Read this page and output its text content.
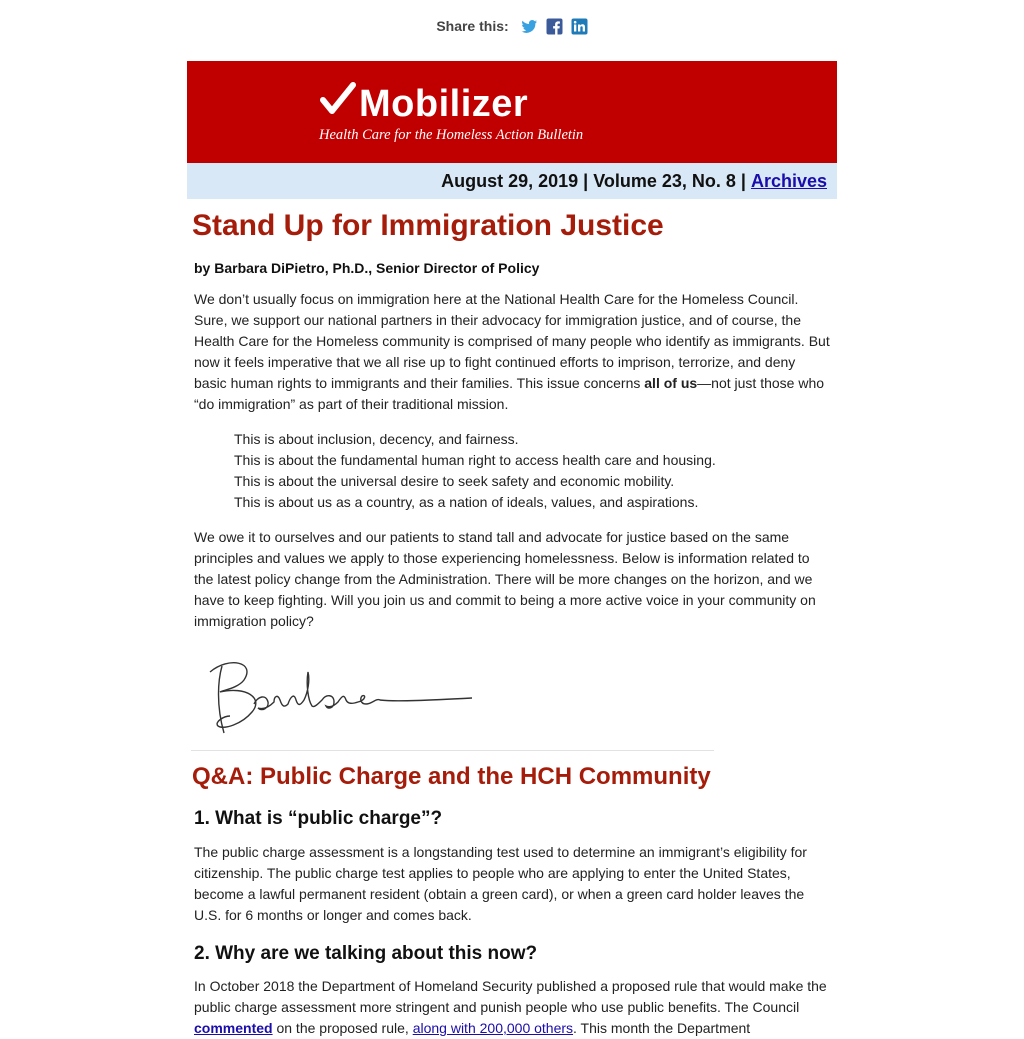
Share this:
Mobilizer
Health Care for the Homeless Action Bulletin
August 29, 2019 | Volume 23, No. 8 | Archives
Stand Up for Immigration Justice
by Barbara DiPietro, Ph.D., Senior Director of Policy

We don’t usually focus on immigration here at the National Health Care for the Homeless Council. Sure, we support our national partners in their advocacy for immigration justice, and of course, the Health Care for the Homeless community is comprised of many people who identify as immigrants. But now it feels imperative that we all rise up to fight continued efforts to imprison, terrorize, and deny basic human rights to immigrants and their families. This issue concerns all of us—not just those who “do immigration” as part of their traditional mission.

This is about inclusion, decency, and fairness.
This is about the fundamental human right to access health care and housing.
This is about the universal desire to seek safety and economic mobility.
This is about us as a country, as a nation of ideals, values, and aspirations.

We owe it to ourselves and our patients to stand tall and advocate for justice based on the same principles and values we apply to those experiencing homelessness. Below is information related to the latest policy change from the Administration. There will be more changes on the horizon, and we have to keep fighting. Will you join us and commit to being a more active voice in your community on immigration policy?

Q&A: Public Charge and the HCH Community
1. What is “public charge”?

The public charge assessment is a longstanding test used to determine an immigrant’s eligibility for citizenship. The public charge test applies to people who are applying to enter the United States, become a lawful permanent resident (obtain a green card), or when a green card holder leaves the U.S. for 6 months or longer and comes back.

2. Why are we talking about this now?

In October 2018 the Department of Homeland Security published a proposed rule that would make the public charge assessment more stringent and punish people who use public benefits. The Council commented on the proposed rule, along with 200,000 others. This month the Department
